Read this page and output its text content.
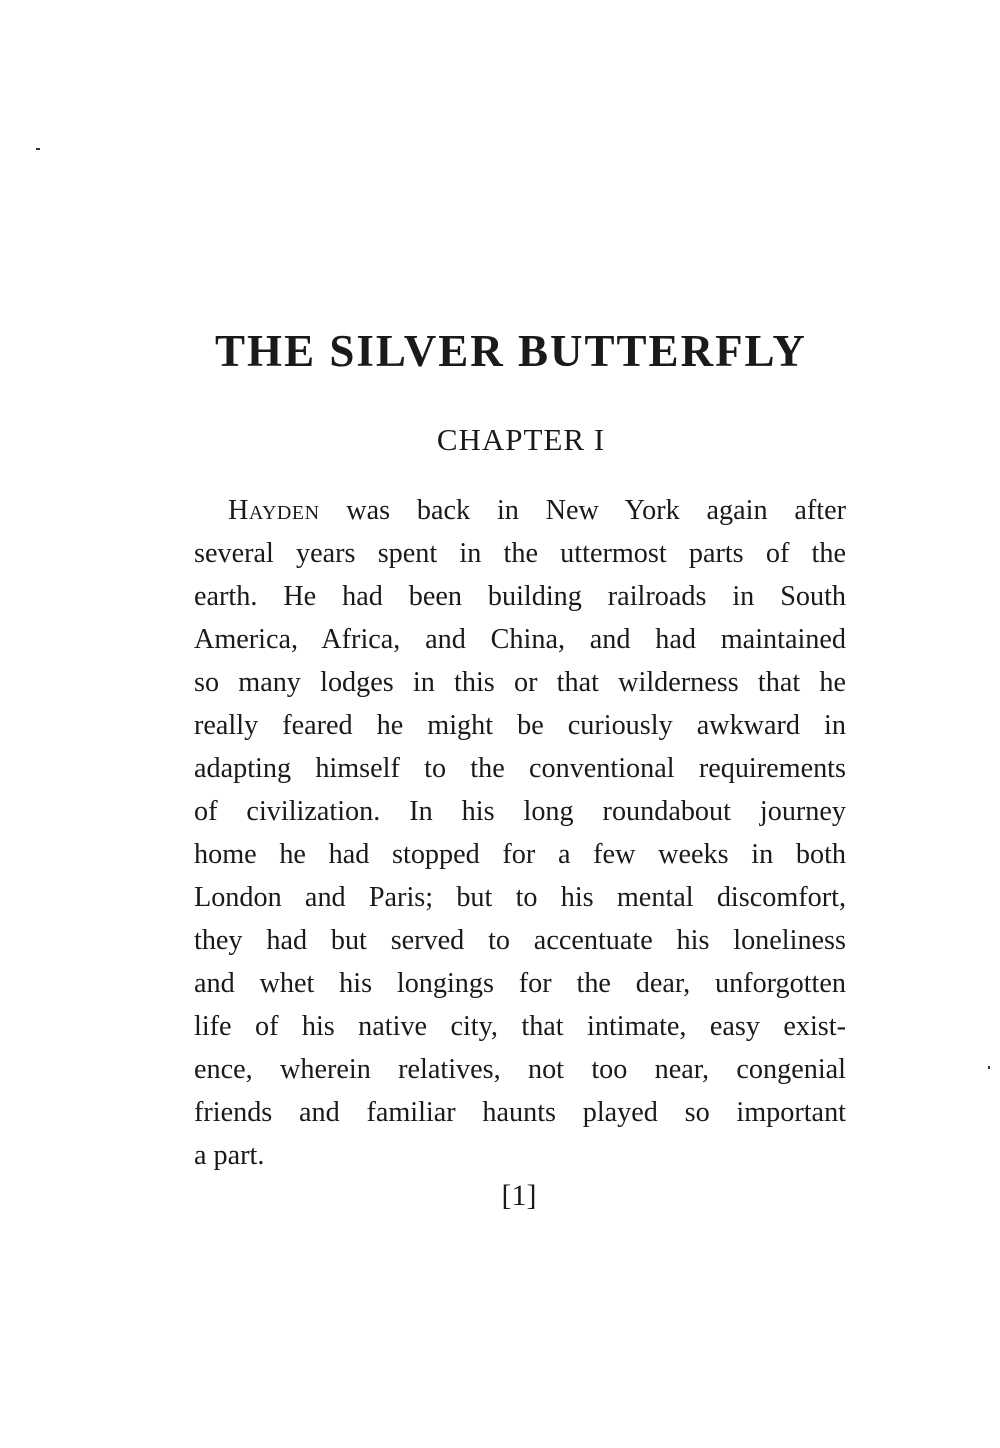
THE SILVER BUTTERFLY
CHAPTER I
Hayden was back in New York again after
several years spent in the uttermost parts of the
earth. He had been building railroads in South
America, Africa, and China, and had maintained
so many lodges in this or that wilderness that he
really feared he might be curiously awkward in
adapting himself to the conventional requirements
of civilization. In his long roundabout journey
home he had stopped for a few weeks in both
London and Paris; but to his mental discomfort,
they had but served to accentuate his loneliness
and whet his longings for the dear, unforgotten
life of his native city, that intimate, easy exist-
ence, wherein relatives, not too near, congenial
friends and familiar haunts played so important
a part.
[1]
